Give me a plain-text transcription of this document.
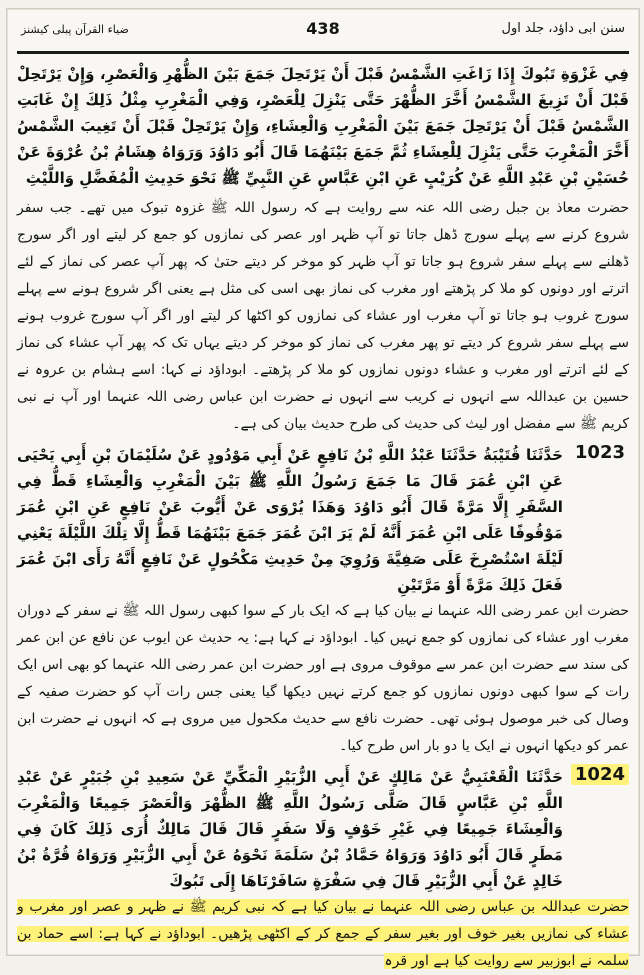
سنن ابی داؤد، جلد اول
438
ضیاء القرآن پبلی کیشنز

فِي غَزْوَةِ تَبُوكَ إِذَا زَاغَتِ الشَّمْسُ قَبْلَ أَنْ يَرْتَحِلَ جَمَعَ بَيْنَ الظُّهْرِ وَالْعَصْرِ، وَإِنْ يَرْتَحِلْ قَبْلَ أَنْ تَزِيغَ الشَّمْسُ أَخَّرَ الظُّهْرَ حَتَّى يَنْزِلَ لِلْعَصْرِ، وَفِي الْمَغْرِبِ مِثْلُ ذَلِكَ إِنْ غَابَتِ الشَّمْسُ قَبْلَ أَنْ يَرْتَحِلَ جَمَعَ بَيْنَ الْمَغْرِبِ وَالْعِشَاءِ، وَإِنْ يَرْتَحِلْ قَبْلَ أَنْ تَغِيبَ الشَّمْسُ أَخَّرَ الْمَغْرِبَ حَتَّى يَنْزِلَ لِلْعِشَاءِ ثُمَّ جَمَعَ بَيْنَهُمَا قَالَ أَبُو دَاوُدَ وَرَوَاهُ هِشَامُ بْنُ عُرْوَةَ عَنْ حُسَيْنِ بْنِ عَبْدِ اللَّهِ عَنْ كُرَيْبٍ عَنِ ابْنِ عَبَّاسٍ عَنِ النَّبِيِّ ﷺ نَحْوَ حَدِيثِ الْمُفَضَّلِ وَاللَّيْثِ

حضرت معاذ بن جبل رضی اللہ عنہ سے روایت ہے کہ رسول اللہ ﷺ غزوہ تبوک میں تھے۔ جب سفر شروع کرنے سے پہلے سورج ڈھل جاتا تو آپ ظہر اور عصر کی نمازوں کو جمع کر لیتے اور اگر سورج ڈھلنے سے پہلے سفر شروع ہو جاتا تو آپ ظہر کو موخر کر دیتے حتیٰ کہ پھر آپ عصر کی نماز کے لئے اترتے اور دونوں کو ملا کر پڑھتے اور مغرب کی نماز بھی اسی کی مثل ہے یعنی اگر شروع ہونے سے پہلے سورج غروب ہو جاتا تو آپ مغرب اور عشاء کی نمازوں کو اکٹھا کر لیتے اور اگر آپ سورج غروب ہونے سے پہلے سفر شروع کر دیتے تو پھر مغرب کی نماز کو موخر کر دیتے یہاں تک کہ پھر آپ عشاء کی نماز کے لئے اترتے اور مغرب و عشاء دونوں نمازوں کو ملا کر پڑھتے۔ ابوداؤد نے کہا: اسے ہشام بن عروہ نے حسین بن عبداللہ سے انہوں نے کریب سے انہوں نے حضرت ابن عباس رضی اللہ عنہما اور آپ نے نبی کریم ﷺ سے مفضل اور لیث کی حدیث کی طرح حدیث بیان کی ہے۔

1023

حَدَّثَنَا قُتَيْبَةُ حَدَّثَنَا عَبْدُ اللَّهِ بْنُ نَافِعٍ عَنْ أَبِي مَوْدُودٍ عَنْ سُلَيْمَانَ بْنِ أَبِي يَحْيَى عَنِ ابْنِ عُمَرَ قَالَ مَا جَمَعَ رَسُولُ اللَّهِ ﷺ بَيْنَ الْمَغْرِبِ وَالْعِشَاءِ قَطُّ فِي السَّفَرِ إِلَّا مَرَّةً قَالَ أَبُو دَاوُدَ وَهَذَا يُرْوَى عَنْ أَيُّوبَ عَنْ نَافِعٍ عَنِ ابْنِ عُمَرَ مَوْقُوفًا عَلَى ابْنِ عُمَرَ أَنَّهُ لَمْ يَرَ ابْنَ عُمَرَ جَمَعَ بَيْنَهُمَا قَطُّ إِلَّا تِلْكَ اللَّيْلَةَ يَعْنِي لَيْلَةَ اسْتُصْرِخَ عَلَى صَفِيَّةَ وَرُوِيَ مِنْ حَدِيثِ مَكْحُولٍ عَنْ نَافِعٍ أَنَّهُ رَأَى ابْنَ عُمَرَ فَعَلَ ذَلِكَ مَرَّةً أَوْ مَرَّتَيْنِ

حضرت ابن عمر رضی اللہ عنہما نے بیان کیا ہے کہ ایک بار کے سوا کبھی رسول اللہ ﷺ نے سفر کے دوران مغرب اور عشاء کی نمازوں کو جمع نہیں کیا۔ ابوداؤد نے کہا ہے: یہ حدیث عن ایوب عن نافع عن ابن عمر کی سند سے حضرت ابن عمر سے موقوف مروی ہے اور حضرت ابن عمر رضی اللہ عنہما کو بھی اس ایک رات کے سوا کبھی دونوں نمازوں کو جمع کرتے نہیں دیکھا گیا یعنی جس رات آپ کو حضرت صفیہ کے وصال کی خبر موصول ہوئی تھی۔ حضرت نافع سے حدیث مکحول میں مروی ہے کہ انہوں نے حضرت ابن عمر کو دیکھا انہوں نے ایک یا دو بار اس طرح کیا۔

1024

حَدَّثَنَا الْقَعْنَبِيُّ عَنْ مَالِكٍ عَنْ أَبِي الزُّبَيْرِ الْمَكِّيِّ عَنْ سَعِيدِ بْنِ جُبَيْرٍ عَنْ عَبْدِ اللَّهِ بْنِ عَبَّاسٍ قَالَ صَلَّى رَسُولُ اللَّهِ ﷺ الظُّهْرَ وَالْعَصْرَ جَمِيعًا وَالْمَغْرِبَ وَالْعِشَاءَ جَمِيعًا فِي غَيْرِ خَوْفٍ وَلَا سَفَرٍ قَالَ قَالَ مَالِكٌ أُرَى ذَلِكَ كَانَ فِي مَطَرٍ قَالَ أَبُو دَاوُدَ وَرَوَاهُ حَمَّادُ بْنُ سَلَمَةَ نَحْوَهُ عَنْ أَبِي الزُّبَيْرِ وَرَوَاهُ قُرَّةُ بْنُ خَالِدٍ عَنْ أَبِي الزُّبَيْرِ قَالَ فِي سَفْرَةٍ سَافَرْنَاهَا إِلَى تَبُوكَ

حضرت عبداللہ بن عباس رضی اللہ عنہما نے بیان کیا ہے کہ نبی کریم ﷺ نے ظہر و عصر اور مغرب و عشاء کی نمازیں بغیر خوف اور بغیر سفر کے جمع کر کے اکٹھی پڑھیں۔ ابوداؤد نے کہا ہے: اسے حماد بن سلمہ نے ابوزبیر سے روایت کیا ہے اور قرہ
